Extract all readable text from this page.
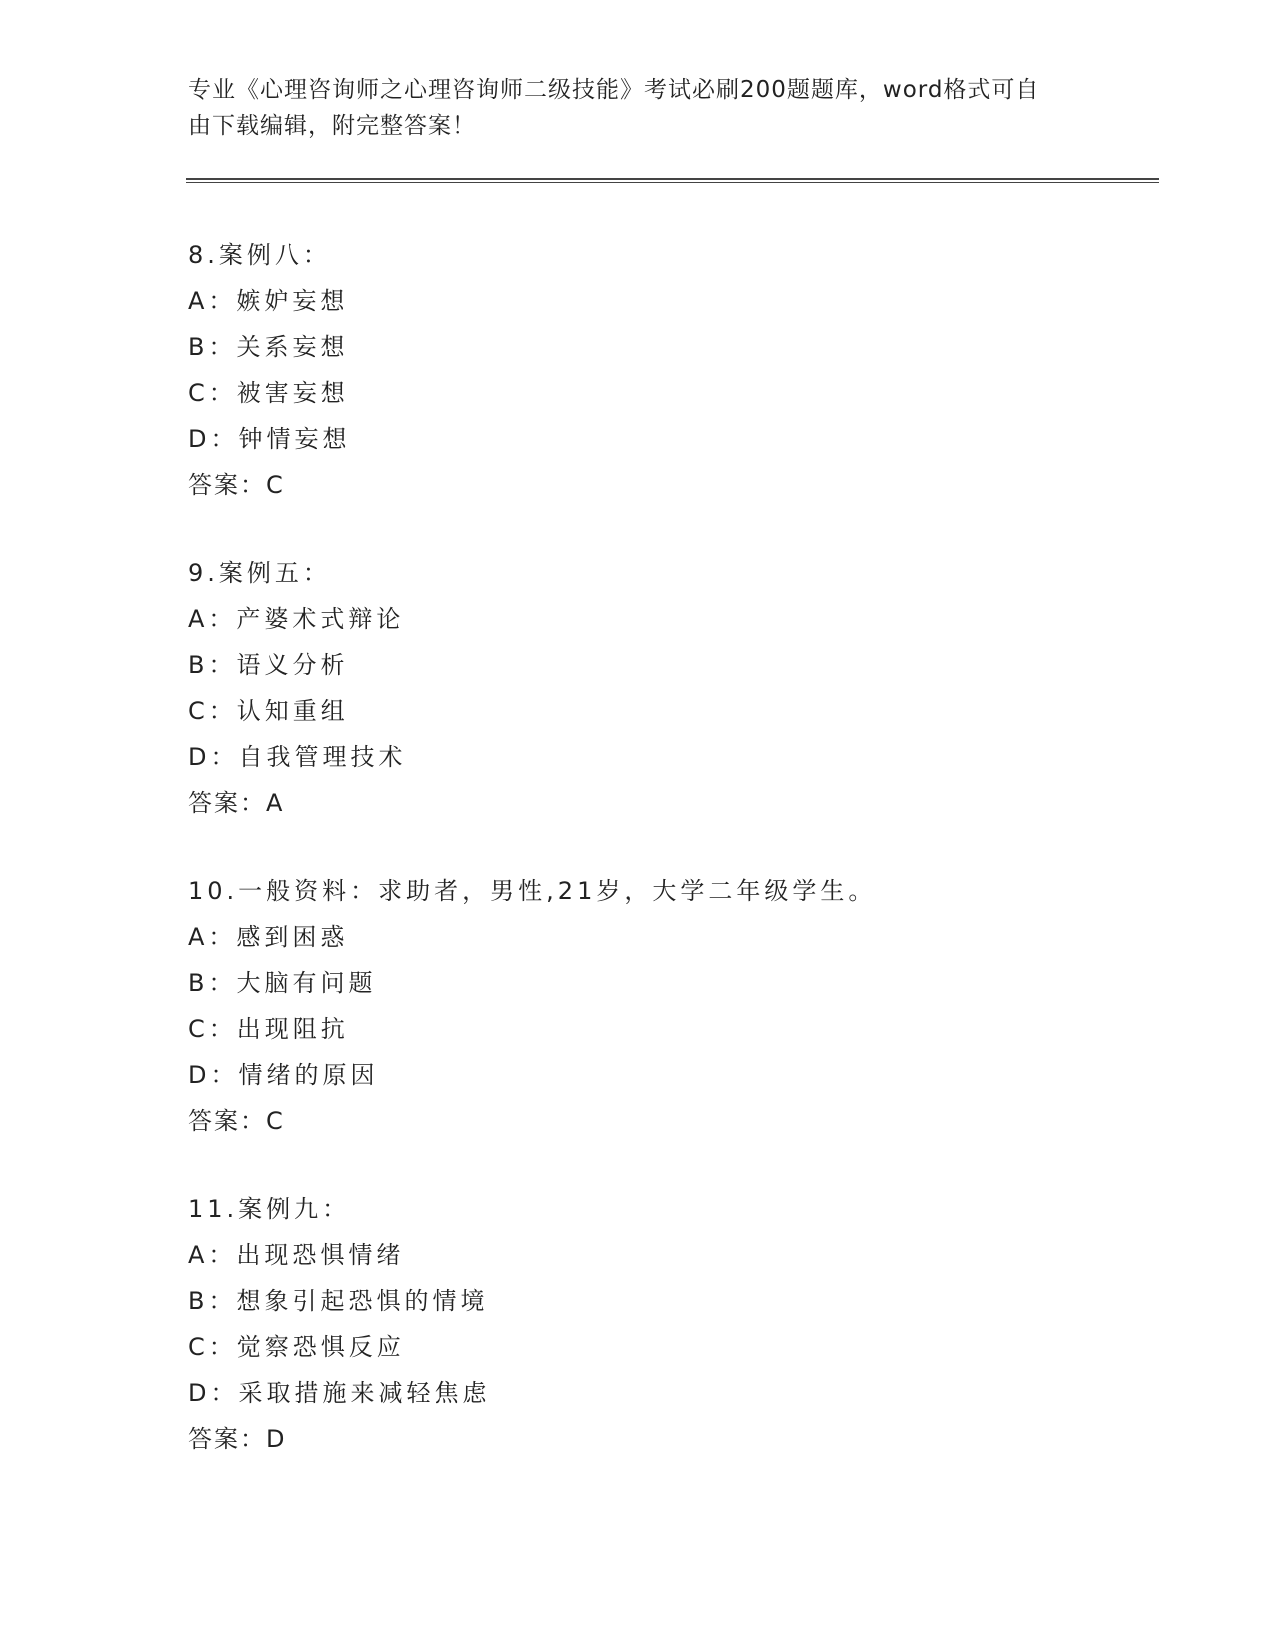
专业《心理咨询师之心理咨询师二级技能》考试必刷200题题库，word格式可自
由下载编辑，附完整答案！
8.案例八：
A：嫉妒妄想
B：关系妄想
C：被害妄想
D：钟情妄想
答案：C
9.案例五：
A：产婆术式辩论
B：语义分析
C：认知重组
D：自我管理技术
答案：A
10.一般资料：求助者，男性,21岁，大学二年级学生。
A：感到困惑
B：大脑有问题
C：出现阻抗
D：情绪的原因
答案：C
11.案例九：
A：出现恐惧情绪
B：想象引起恐惧的情境
C：觉察恐惧反应
D：采取措施来减轻焦虑
答案：D
